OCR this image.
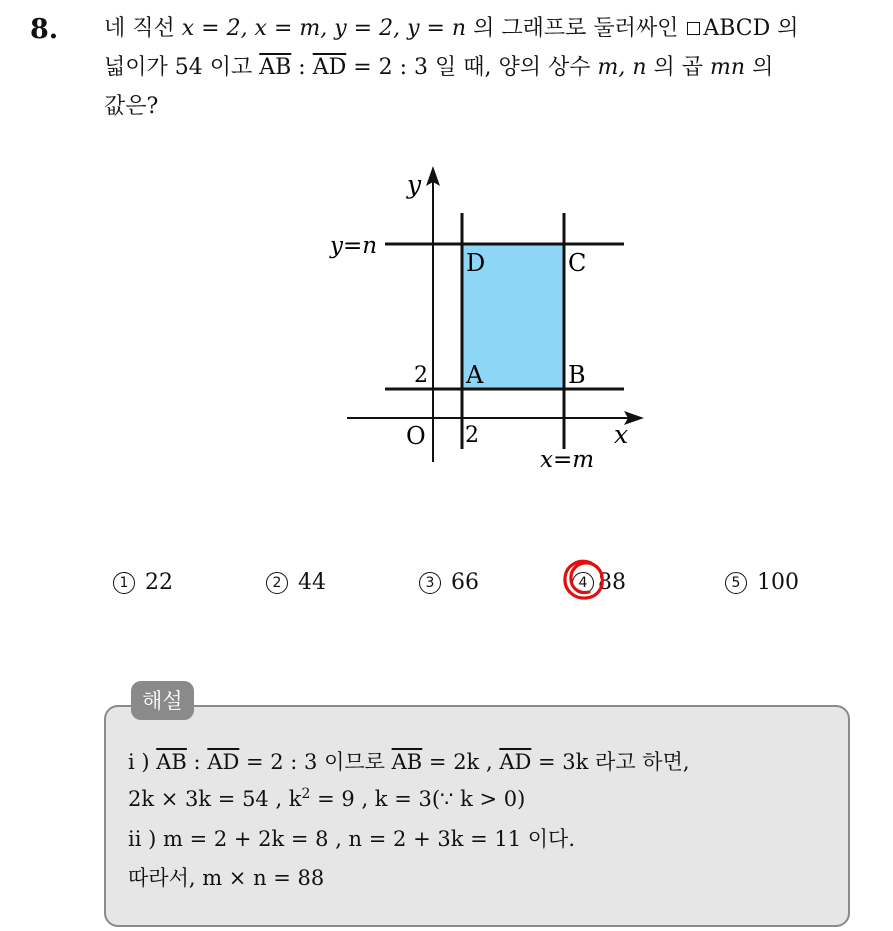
8. 네 직선 x = 2, x = m, y = 2, y = n 의 그래프로 둘러싸인 ABCD 의
넓이가 54 이고 $\overline{AB}$ : $\overline{AD} = 2$ : 3 일 때, 양의 상수 m, n 의 곱 mn 의
값은?
y
x
y=n
x=m
O
2
2
D	C
A	B
1 22	2 44	3 66	4 88	5 100
해설
i ) $\overline{AB}$ : $\overline{AD} = 2$ : 3 이므로 $\overline{AB} = 2k$ , $\overline{AD} = 3k$ 라고 하면,
2k × 3k = 54 , $k^2 = 9$ , k = 3(∵ k > 0)
ii ) m = 2 + 2k = 8 , n = 2 + 3k = 11 이다.
따라서, m × n = 88
